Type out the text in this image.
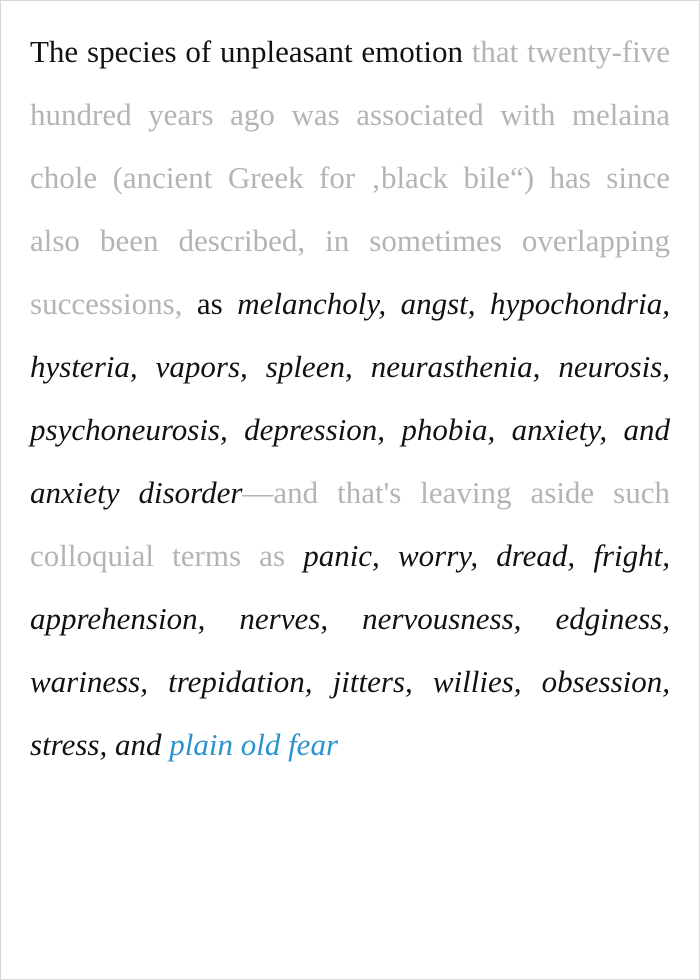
The species of unpleasant emotion that twenty-five hundred years ago was associated with melaina chole (ancient Greek for ‚black bile“) has since also been described, in sometimes overlapping successions, as melancholy, angst, hypochondria, hysteria, vapors, spleen, neurasthenia, neurosis, psychoneurosis, depression, phobia, anxiety, and anxiety disorder—and that's leaving aside such colloquial terms as panic, worry, dread, fright, apprehension, nerves, nervousness, edginess, wariness, trepidation, jitters, willies, obsession, stress, and plain old fear
